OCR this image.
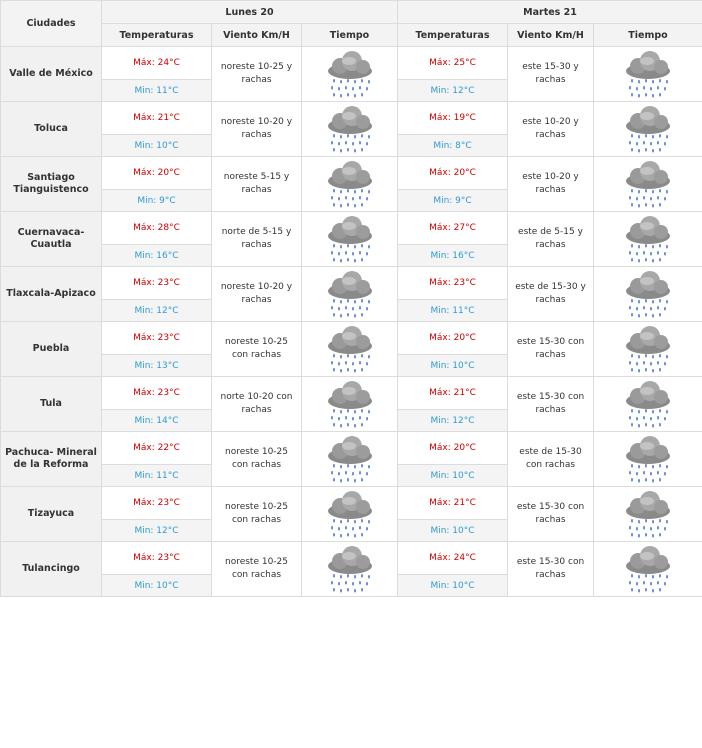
Ciudades	Lunes 20			Martes 21		
	Temperaturas	Viento Km/H	Tiempo	Temperaturas	Viento Km/H	Tiempo
Valle de México	Máx: 24°C	noreste 10-25 y rachas		Máx: 25°C	este 15-30 y rachas	

	Min: 11°C			Min: 12°C		
Toluca	Máx: 21°C	noreste 10-20 y rachas		Máx: 19°C	este 10-20 y rachas	

	Min: 10°C			Min: 8°C		
Santiago Tianguistenco	Máx: 20°C	noreste 5-15 y rachas		Máx: 20°C	este 10-20 y rachas	

	Min: 9°C			Min: 9°C		
Cuernavaca-Cuautla	Máx: 28°C	norte de 5-15 y rachas		Máx: 27°C	este de 5-15 y rachas	

	Min: 16°C			Min: 16°C		
Tlaxcala-Apizaco	Máx: 23°C	noreste 10-20 y rachas		Máx: 23°C	este de 15-30 y rachas	

	Min: 12°C			Min: 11°C		
Puebla	Máx: 23°C	noreste 10-25 con rachas		Máx: 20°C	este 15-30 con rachas	

	Min: 13°C			Min: 10°C		
Tula	Máx: 23°C	norte 10-20 con rachas		Máx: 21°C	este 15-30 con rachas	

	Min: 14°C			Min: 12°C		
Pachuca- Mineral de la Reforma	Máx: 22°C	noreste 10-25 con rachas		Máx: 20°C	este de 15-30 con rachas	

	Min: 11°C			Min: 10°C		
Tizayuca	Máx: 23°C	noreste 10-25 con rachas		Máx: 21°C	este 15-30 con rachas	

	Min: 12°C			Min: 10°C		
Tulancingo	Máx: 23°C	noreste 10-25 con rachas		Máx: 24°C	este 15-30 con rachas	

	Min: 10°C			Min: 10°C		
